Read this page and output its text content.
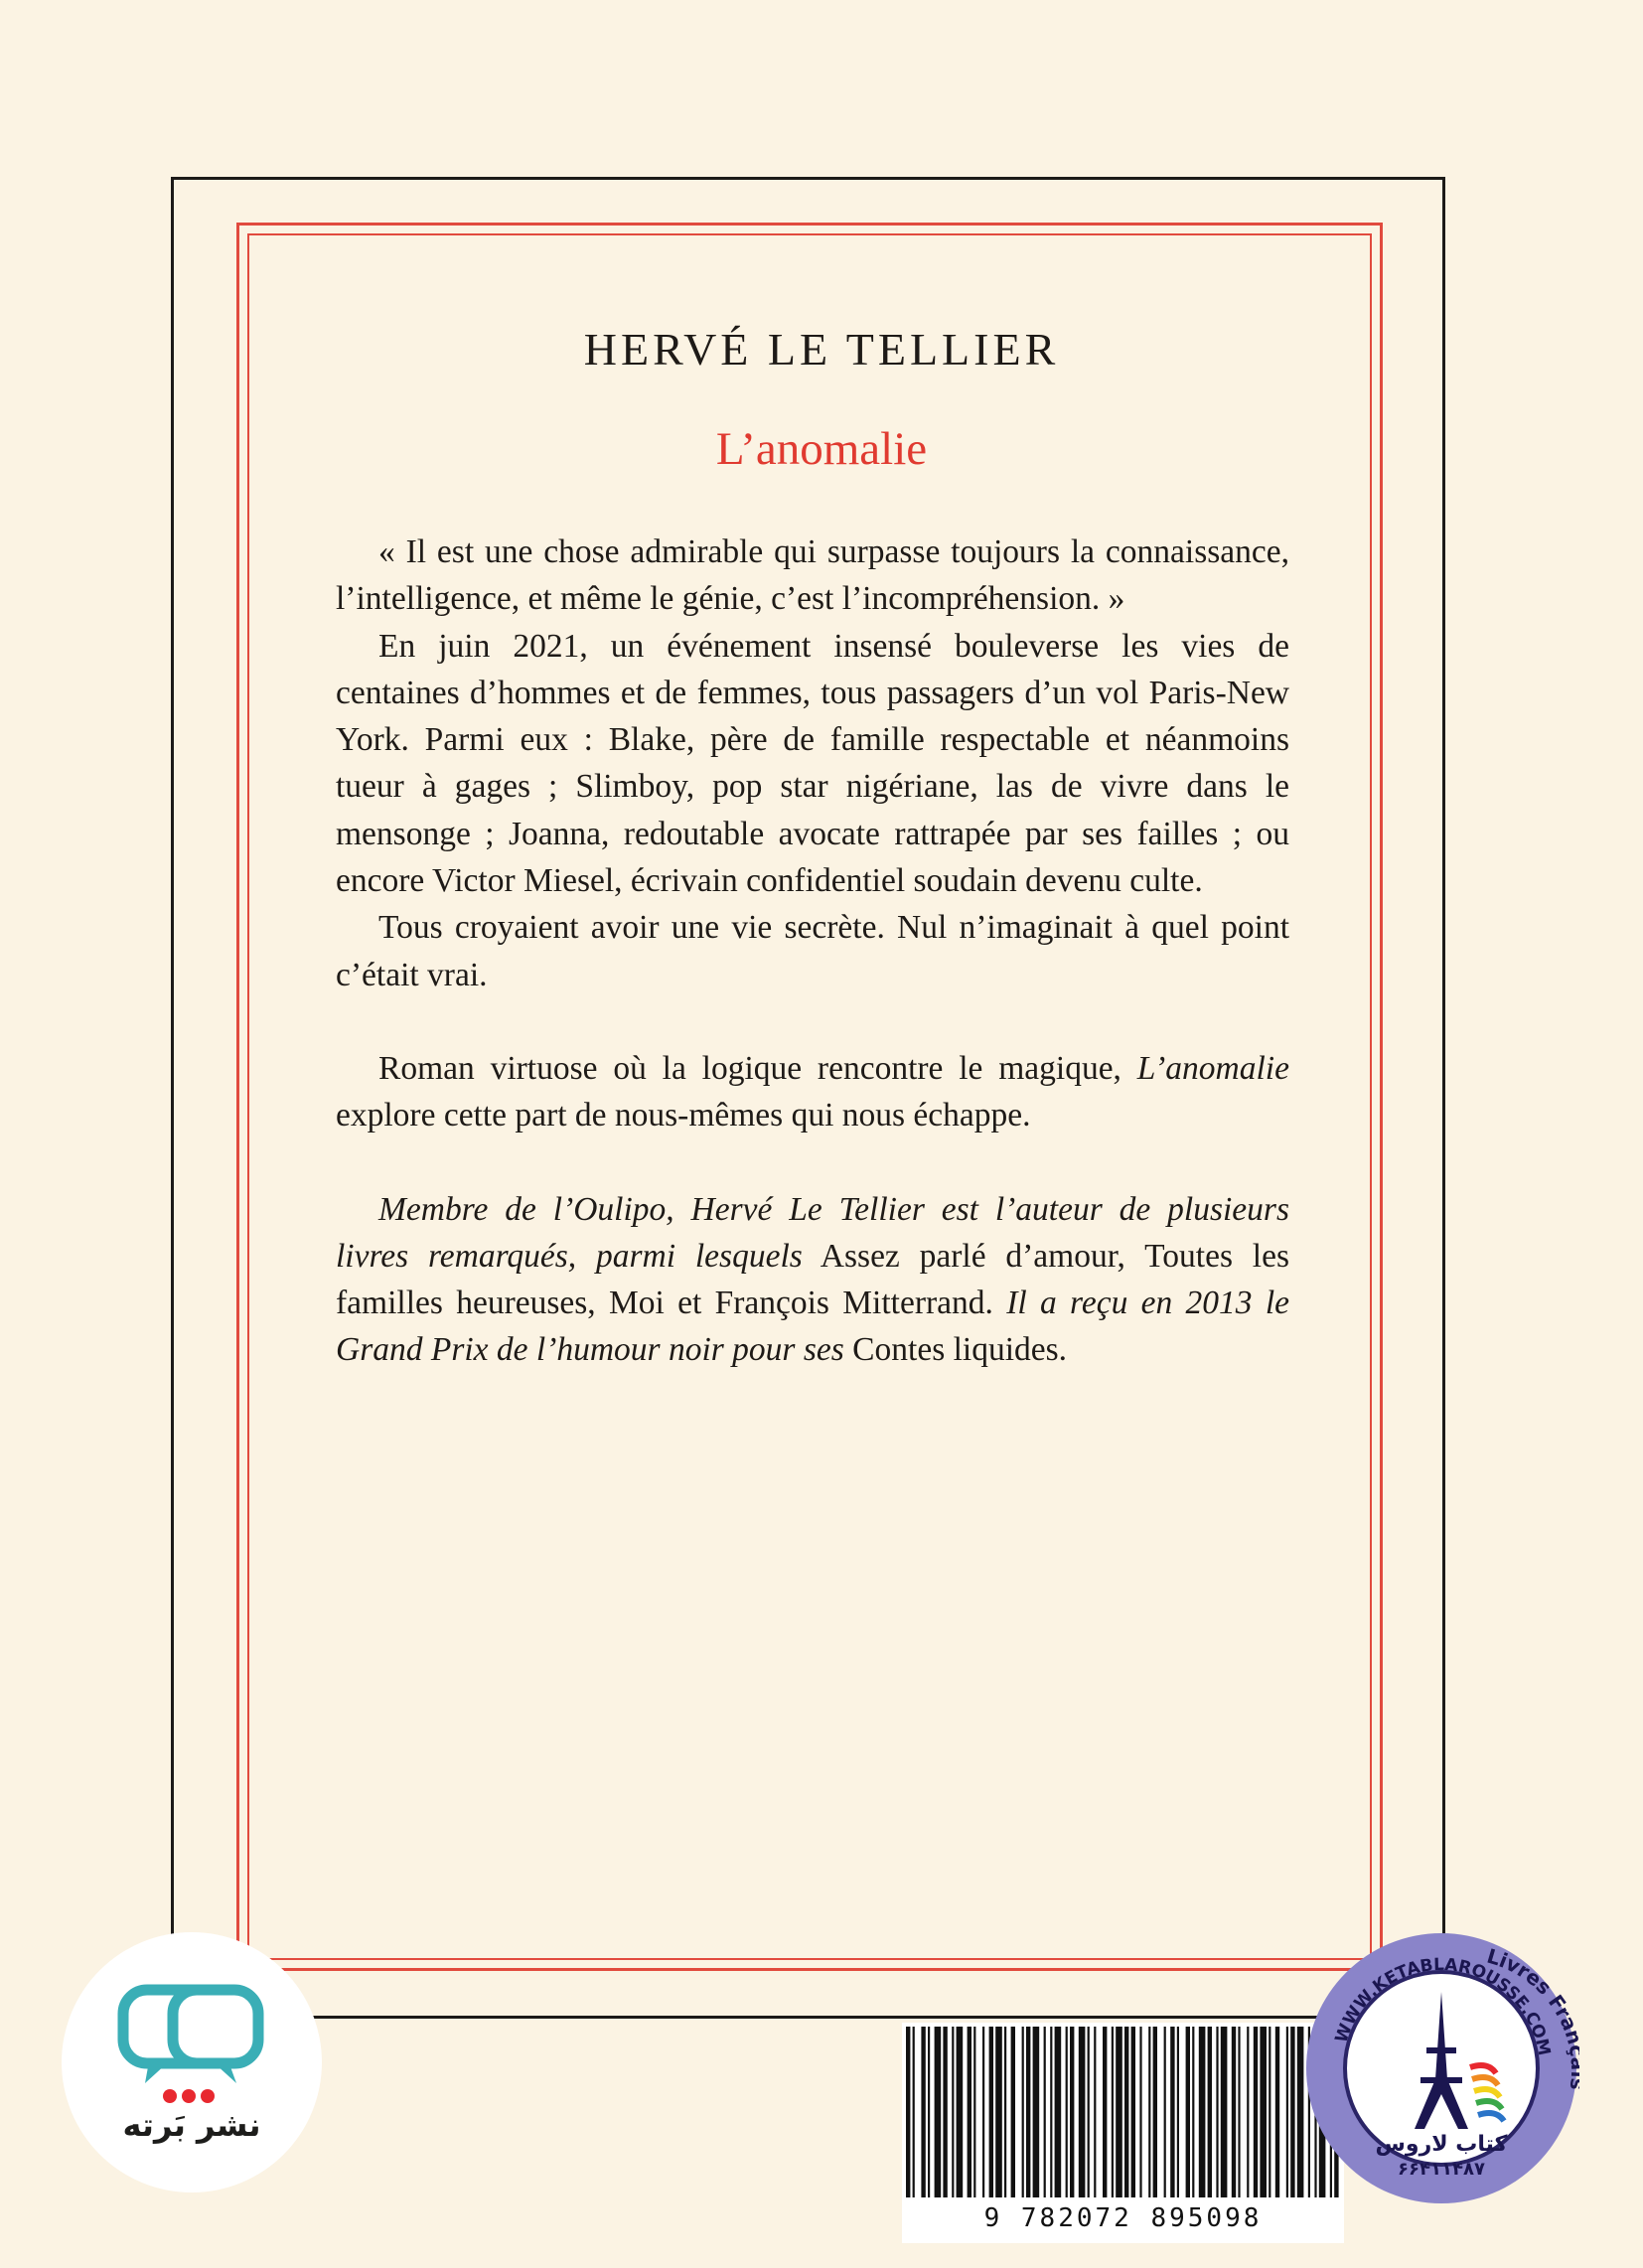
HERVÉ LE TELLIER
L’anomalie

« Il est une chose admirable qui surpasse toujours la connaissance, l’intelligence, et même le génie, c’est l’incompréhension. »

En juin 2021, un événement insensé bouleverse les vies de centaines d’hommes et de femmes, tous passagers d’un vol Paris-New York. Parmi eux : Blake, père de famille respectable et néanmoins tueur à gages ; Slimboy, pop star nigériane, las de vivre dans le mensonge ; Joanna, redoutable avocate rattrapée par ses failles ; ou encore Victor Miesel, écrivain confidentiel soudain devenu culte.

Tous croyaient avoir une vie secrète. Nul n’imaginait à quel point c’était vrai.

Roman virtuose où la logique rencontre le magique, L’anomalie explore cette part de nous-mêmes qui nous échappe.

Membre de l’Oulipo, Hervé Le Tellier est l’auteur de plusieurs livres remarqués, parmi lesquels Assez parlé d’amour, Toutes les familles heureuses, Moi et François Mitterrand. Il a reçu en 2013 le Grand Prix de l’humour noir pour ses Contes liquides.

نشر بَرته
9 782072 895098
WWW.KETABLAROUSSE.COM
Livres Fr
کتاب لاروس
۶۶۴۱۱۴۸۷
